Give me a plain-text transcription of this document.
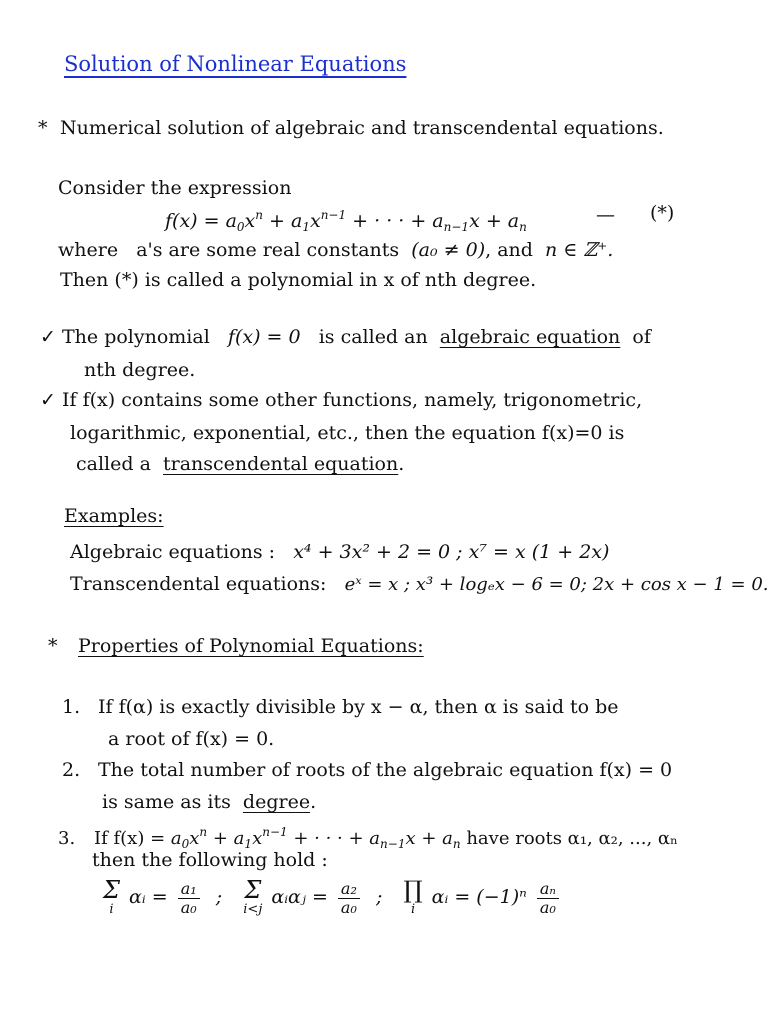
Solution of Nonlinear Equations
* Numerical solution of algebraic and transcendental equations.
Consider the expression
$f(x) = a_0x^n + a_1x^{n-1}$ + · · · + $a_{n-1}x + a_n$
— (*)
where a's are some real constants (a₀ ≠ 0), and n ∈ ℤ⁺.
Then (*) is called a polynomial in x of nth degree.
✓ The polynomial f(x) = 0 is called an algebraic equation of
nth degree.
✓ If f(x) contains some other functions, namely, trigonometric,
logarithmic, exponential, etc., then the equation f(x)=0 is
called a transcendental equation.
Examples:
Algebraic equations : x⁴ + 3x² + 2 = 0 ; x⁷ = x (1 + 2x)
Transcendental equations: eˣ = x ; x³ + logₑx − 6 = 0; 2x + cos x − 1 = 0.
* Properties of Polynomial Equations:
1. If f(α) is exactly divisible by x − α, then α is said to be
a root of f(x) = 0.
2. The total number of roots of the algebraic equation f(x) = 0
is same as its degree.
3. If $f(x) = a_0x^n + a_1x^{n-1}$ + · · · + $a_{n-1}x + a_n$ have roots α₁, α₂, ..., αₙ
then the following hold :
Σ
i
αᵢ = $\frac{\text{a₁}}{\text{a₀}}$ ; Σ
i<j
αᵢαⱼ = $\frac{\text{a₂}}{\text{a₀}}$ ; ∏
i
αᵢ = $(-1)^n \frac{\text{aₙ}}{\text{a₀}}$
